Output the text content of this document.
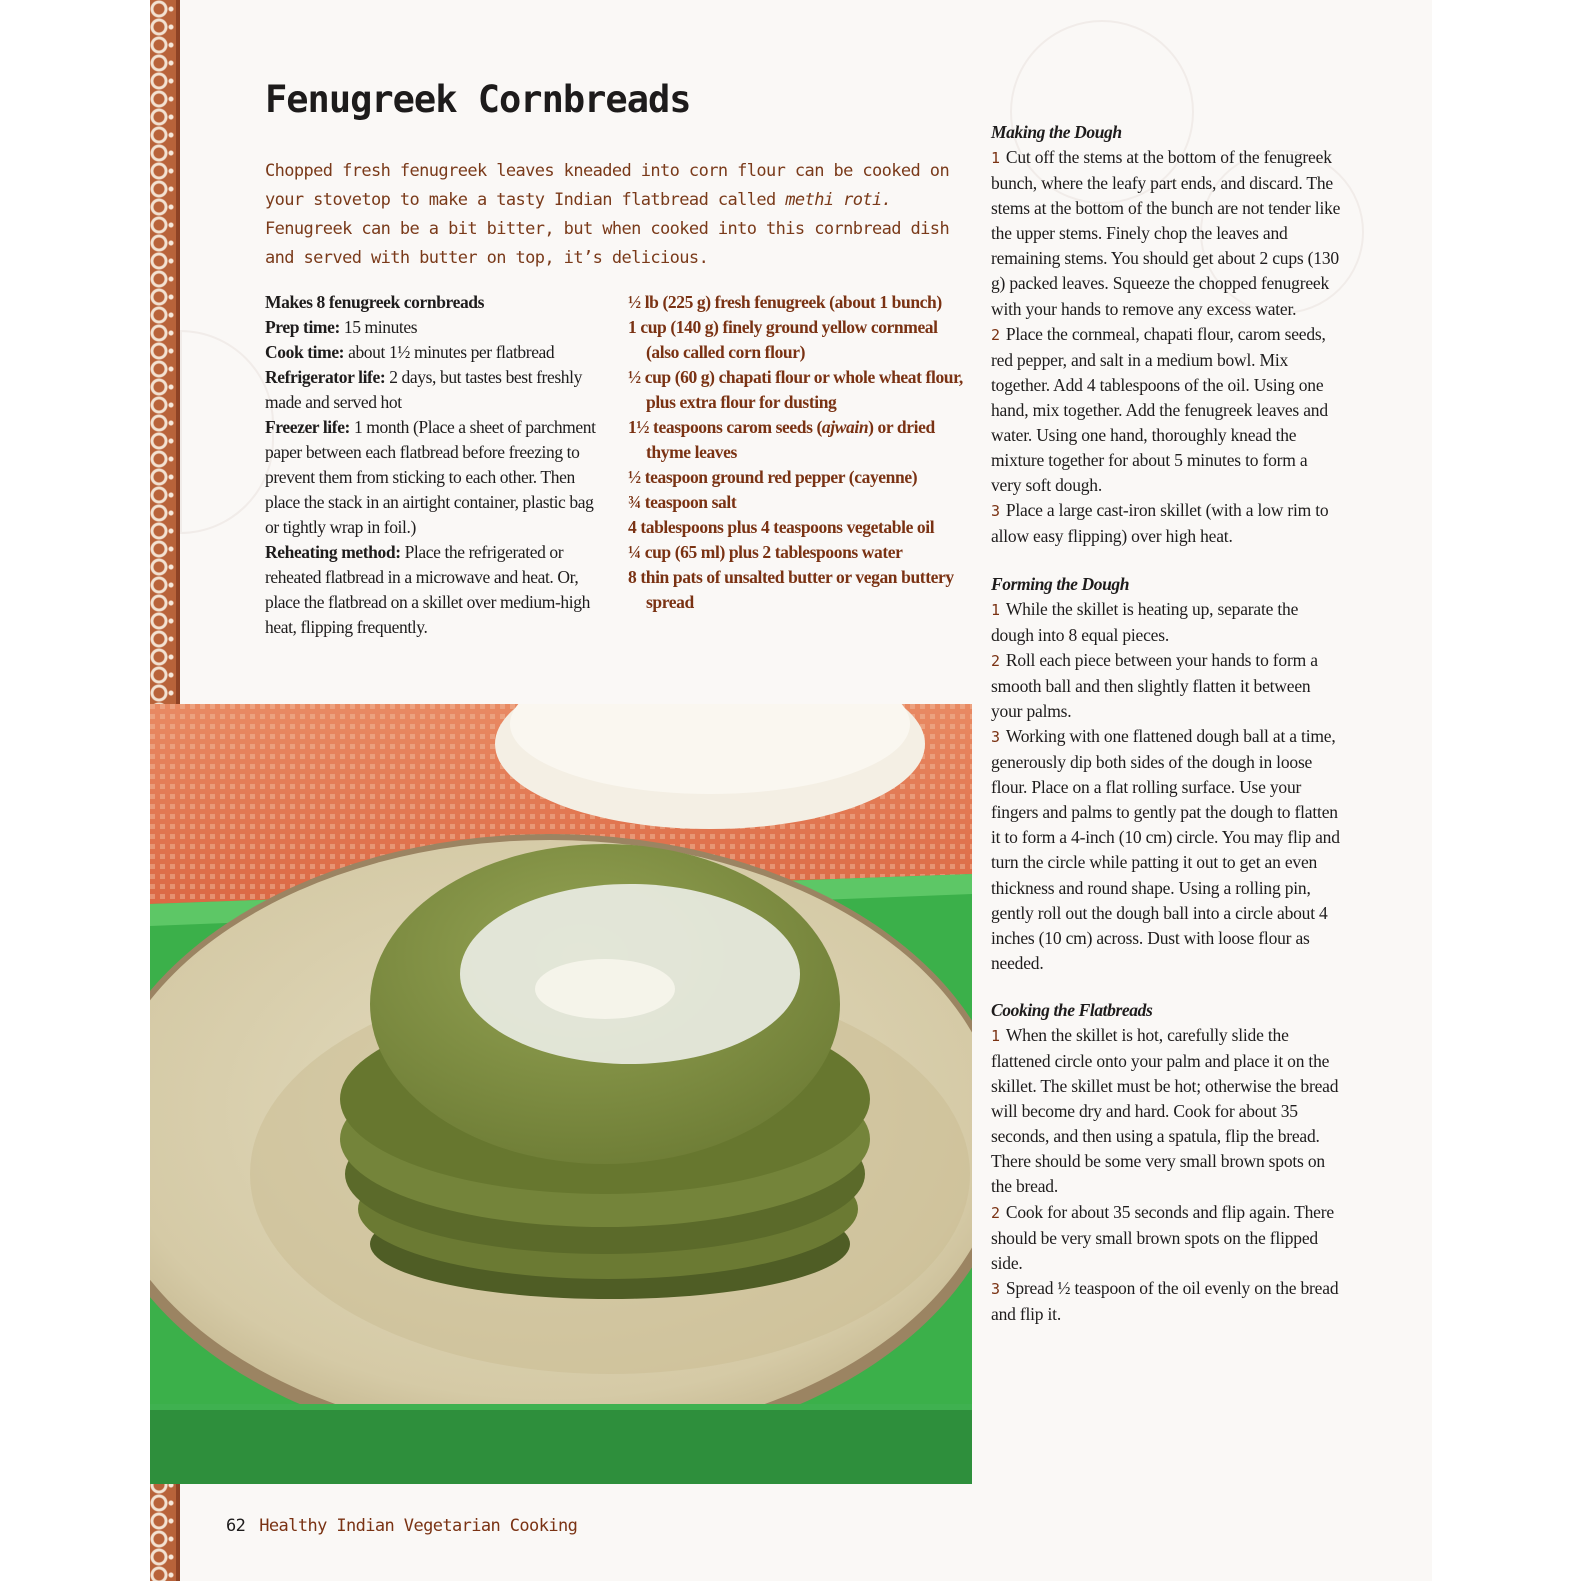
Fenugreek Cornbreads

Chopped fresh fenugreek leaves kneaded into corn flour can be cooked on your stovetop to make a tasty Indian flatbread called methi roti. Fenugreek can be a bit bitter, but when cooked into this cornbread dish and served with butter on top, it’s delicious.

Makes 8 fenugreek cornbreads

Prep time: 15 minutes

Cook time: about 1½ minutes per flatbread

Refrigerator life: 2 days, but tastes best freshly made and served hot

Freezer life: 1 month (Place a sheet of parchment paper between each flatbread before freezing to prevent them from sticking to each other. Then place the stack in an airtight container, plastic bag or tightly wrap in foil.)

Reheating method: Place the refrigerated or reheated flatbread in a microwave and heat. Or, place the flatbread on a skillet over medium-high heat, flipping frequently.

½ lb (225 g) fresh fenugreek (about 1 bunch)
1 cup (140 g) finely ground yellow cornmeal (also called corn flour)
½ cup (60 g) chapati flour or whole wheat flour, plus extra flour for dusting
1½ teaspoons carom seeds (ajwain) or dried thyme leaves
½ teaspoon ground red pepper (cayenne)
¾ teaspoon salt
4 tablespoons plus 4 teaspoons vegetable oil
¼ cup (65 ml) plus 2 tablespoons water
8 thin pats of unsalted butter or vegan buttery spread
Making the Dough

1 Cut off the stems at the bottom of the fenugreek bunch, where the leafy part ends, and discard. The stems at the bottom of the bunch are not tender like the upper stems. Finely chop the leaves and remaining stems. You should get about 2 cups (130 g) packed leaves. Squeeze the chopped fenugreek with your hands to remove any excess water.

2 Place the cornmeal, chapati flour, carom seeds, red pepper, and salt in a medium bowl. Mix together. Add 4 tablespoons of the oil. Using one hand, mix together. Add the fenugreek leaves and water. Using one hand, thoroughly knead the mixture together for about 5 minutes to form a very soft dough.

3 Place a large cast-iron skillet (with a low rim to allow easy flipping) over high heat.

Forming the Dough

1 While the skillet is heating up, separate the dough into 8 equal pieces.

2 Roll each piece between your hands to form a smooth ball and then slightly flatten it between your palms.

3 Working with one flattened dough ball at a time, generously dip both sides of the dough in loose flour. Place on a flat rolling surface. Use your fingers and palms to gently pat the dough to flatten it to form a 4-inch (10 cm) circle. You may flip and turn the circle while patting it out to get an even thickness and round shape. Using a rolling pin, gently roll out the dough ball into a circle about 4 inches (10 cm) across. Dust with loose flour as needed.

Cooking the Flatbreads

1 When the skillet is hot, carefully slide the flattened circle onto your palm and place it on the skillet. The skillet must be hot; otherwise the bread will become dry and hard. Cook for about 35 seconds, and then using a spatula, flip the bread. There should be some very small brown spots on the bread.

2 Cook for about 35 seconds and flip again. There should be very small brown spots on the flipped side.

3 Spread ½ teaspoon of the oil evenly on the bread and flip it.

62 Healthy Indian Vegetarian Cooking
